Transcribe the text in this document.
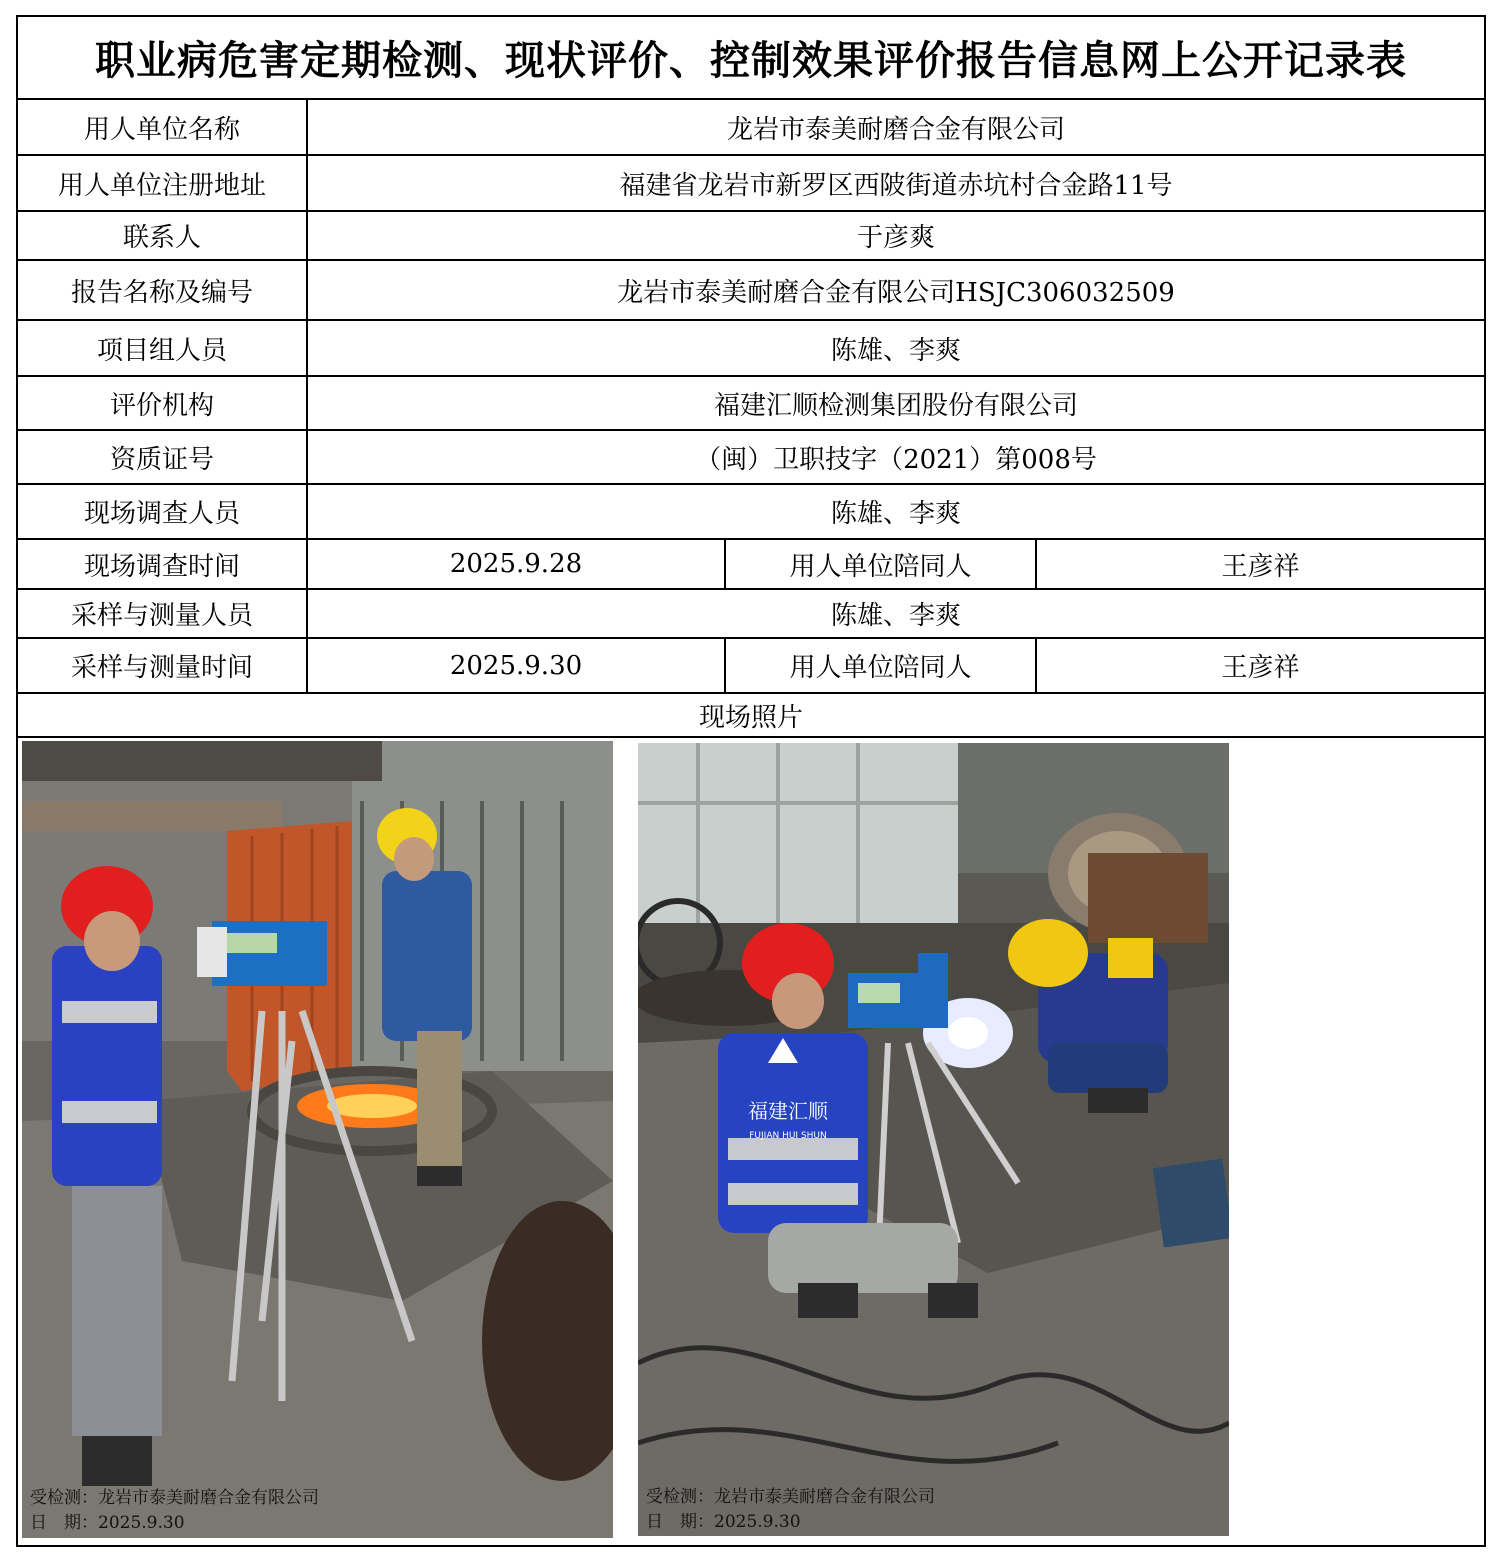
职业病危害定期检测、现状评价、控制效果评价报告信息网上公开记录表
用人单位名称	龙岩市泰美耐磨合金有限公司
用人单位注册地址	福建省龙岩市新罗区西陂街道赤坑村合金路11号
联系人	于彦爽
报告名称及编号	龙岩市泰美耐磨合金有限公司HSJC306032509
项目组人员	陈雄、李爽
评价机构	福建汇顺检测集团股份有限公司
资质证号	（闽）卫职技字（2021）第008号
现场调查人员	陈雄、李爽
现场调查时间	2025.9.28	用人单位陪同人	王彦祥
采样与测量人员	陈雄、李爽
采样与测量时间	2025.9.30	用人单位陪同人	王彦祥
现场照片
受检测：龙岩市泰美耐磨合金有限公司
日　期：2025.9.30
福建汇顺
FUJIAN HUI SHUN
受检测：龙岩市泰美耐磨合金有限公司
日　期：2025.9.30
